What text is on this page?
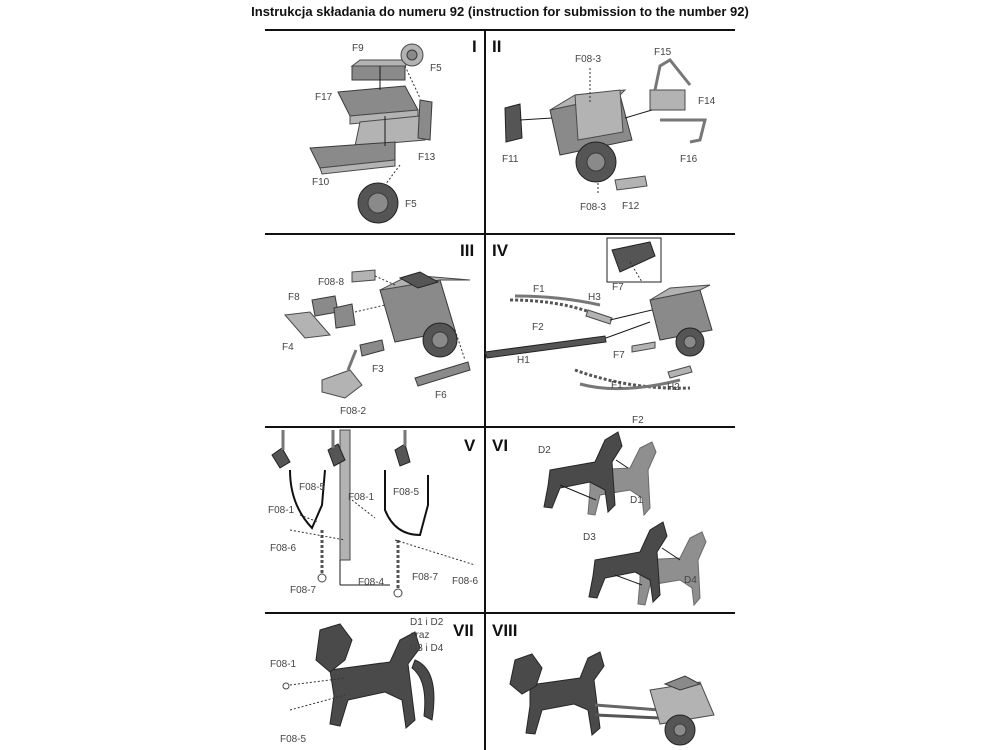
Instrukcja składania do numeru 92 (instruction for submission to the number 92)
I
F9
F5
F17
F13
F10
F5
II
F08-3
F15
F14
F11	F16
F08-3 F12
III
F08-8
F8
F4
F3
F6
F08-2
IV
F7
F1
H3
F2
H1	F7
F1	H2
F2
V
F08-5
F08-1
F08-5
F08-1
F08-6
F08-7
F08-4	F08-7 F08-6
VI	D2
D1
D3
D4
VII
D1 i D2
oraz
D3 i D4
F08-1
F08-5
VIII
